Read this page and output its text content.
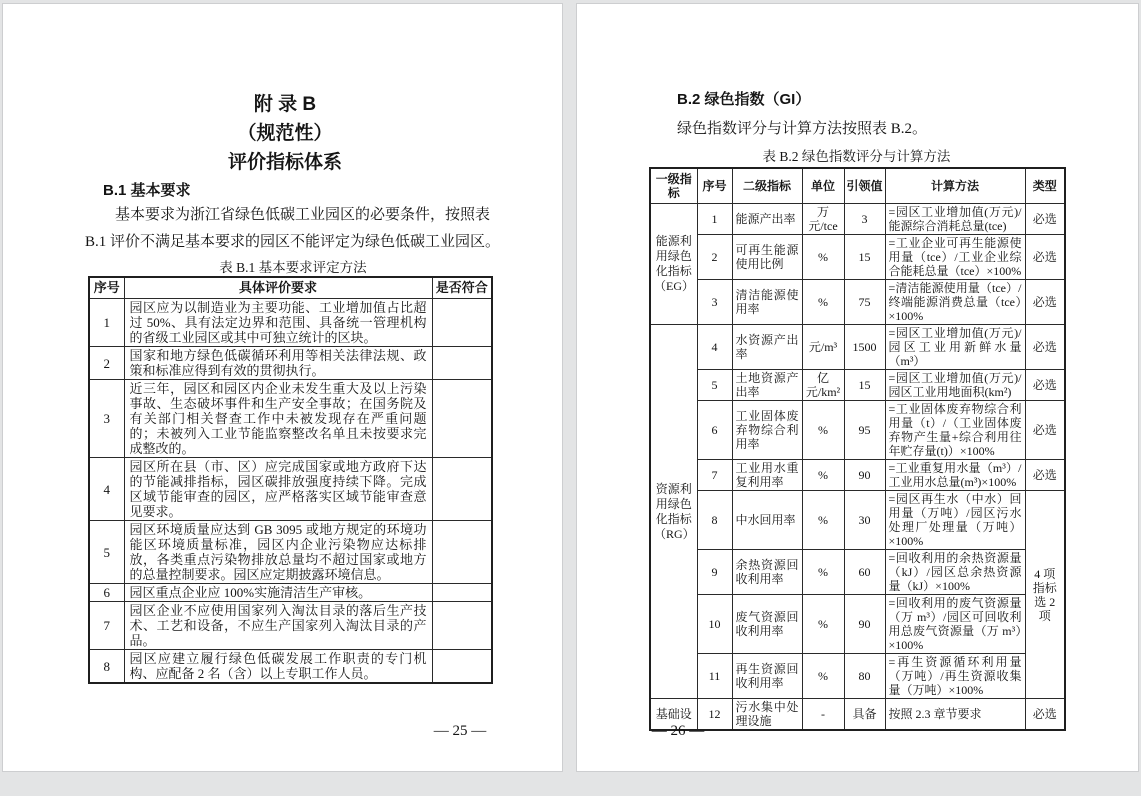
附 录 B
（规范性）
评价指标体系
B.1 基本要求
基本要求为浙江省绿色低碳工业园区的必要条件，按照表
B.1 评价不满足基本要求的园区不能评定为绿色低碳工业园区。
表 B.1 基本要求评定方法
序号	具体评价要求	是否符合
1	园区应为以制造业为主要功能、工业增加值占比超过 50%、具有法定边界和范围、具备统一管理机构的省级工业园区或其中可独立统计的区块。	
2	国家和地方绿色低碳循环利用等相关法律法规、政策和标准应得到有效的贯彻执行。	
3	近三年，园区和园区内企业未发生重大及以上污染事故、生态破坏事件和生产安全事故；在国务院及有关部门相关督查工作中未被发现存在严重问题的；未被列入工业节能监察整改名单且未按要求完成整改的。	
4	园区所在县（市、区）应完成国家或地方政府下达的节能减排指标，园区碳排放强度持续下降。完成区域节能审查的园区，应严格落实区域节能审查意见要求。	
5	园区环境质量应达到 GB 3095 或地方规定的环境功能区环境质量标准，园区内企业污染物应达标排放，各类重点污染物排放总量均不超过国家或地方的总量控制要求。园区应定期披露环境信息。	
6	园区重点企业应 100%实施清洁生产审核。	
7	园区企业不应使用国家列入淘汰目录的落后生产技术、工艺和设备，不应生产国家列入淘汰目录的产品。	
8	园区应建立履行绿色低碳发展工作职责的专门机构、应配备 2 名（含）以上专职工作人员。	
— 25 —
B.2 绿色指数（GI）
绿色指数评分与计算方法按照表 B.2。
表 B.2 绿色指数评分与计算方法
一级指标	序号	二级指标	单位	引领值	计算方法	类型
能源利用绿色化指标（EG）	1	能源产出率	万元/tce	3	=园区工业增加值(万元)/能源综合消耗总量(tce)	必选
	2	可再生能源使用比例	%	15	=工业企业可再生能源使用量（tce）/工业企业综合能耗总量（tce）×100%	必选
	3	清洁能源使用率	%	75	=清洁能源使用量（tce）/终端能源消费总量（tce）×100%	必选
资源利用绿色化指标（RG）	4	水资源产出率	元/m³	1500	=园区工业增加值(万元)/园区工业用新鲜水量（m³）	必选
	5	土地资源产出率	亿元/km²	15	=园区工业增加值(万元)/园区工业用地面积(km²)	必选
	6	工业固体废弃物综合利用率	%	95	=工业固体废弃物综合利用量（t）/（工业固体废弃物产生量+综合利用往年贮存量(t)）×100%	必选
	7	工业用水重复利用率	%	90	=工业重复用水量（m³）/工业用水总量(m³)×100%	必选
	8	中水回用率	%	30	=园区再生水（中水）回用量（万吨）/园区污水处理厂处理量（万吨）×100%	4 项指标选 2 项
	9	余热资源回收利用率	%	60	=回收利用的余热资源量（kJ）/园区总余热资源量（kJ）×100%	
	10	废气资源回收利用率	%	90	=回收利用的废气资源量（万 m³）/园区可回收利用总废气资源量（万 m³）×100%	
	11	再生资源回收利用率	%	80	=再生资源循环利用量（万吨）/再生资源收集量（万吨）×100%	
基础设	12	污水集中处理设施	-	具备	按照 2.3 章节要求	必选
— 26 —
